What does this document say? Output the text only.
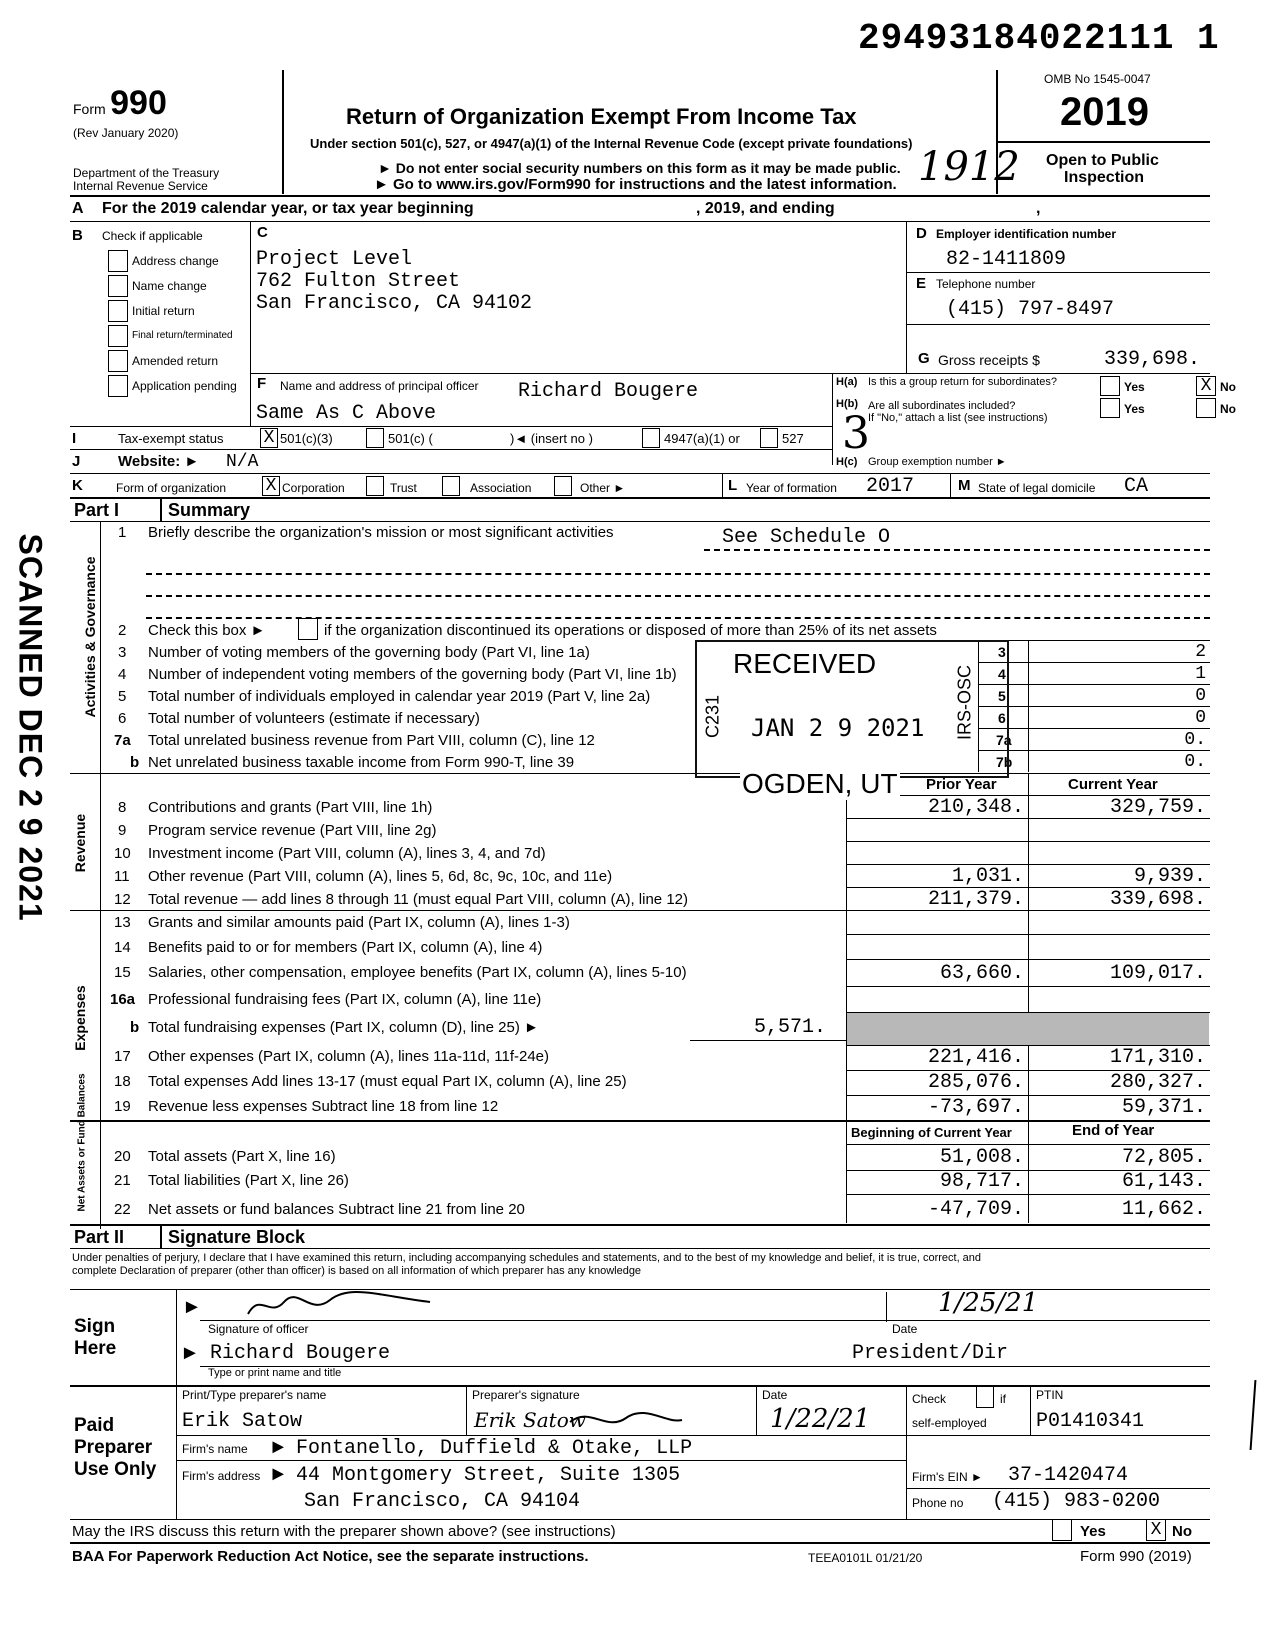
29493184022111 1
Form 990
(Rev January 2020)
Department of the Treasury
Internal Revenue Service
Return of Organization Exempt From Income Tax
Under section 501(c), 527, or 4947(a)(1) of the Internal Revenue Code (except private foundations)
► Do not enter social security numbers on this form as it may be made public.
► Go to www.irs.gov/Form990 for instructions and the latest information. 1912
OMB No 1545-0047
2019
Open to Public
Inspection
A For the 2019 calendar year, or tax year beginning	, 2019, and ending	,
B Check if applicable
Address change
Name change
Initial return
Final return/terminated
Amended return
Application pending
C
Project Level
762 Fulton Street
San Francisco, CA 94102
D Employer identification number
82-1411809
E Telephone number
(415) 797-8497
G Gross receipts $	339,698.
F Name and address of principal officer Richard Bougere
Same As C Above
H(a) Is this a group return for subordinates?	Yes	X No
H(b) Are all subordinates included?
If "No," attach a list (see instructions)
Yes	No
3
I	Tax-exempt status X 501(c)(3)	501(c) (	)◄ (insert no )	4947(a)(1) or	527
J	Website: ► N/A	H(c) Group exemption number ►
K	Form of organization X Corporation	Trust	Association	Other ►	L Year of formation 2017	M State of legal domicile CA
Part I	Summary
Activities & Governance
1 Briefly describe the organization's mission or most significant activities	See Schedule O
2 Check this box ►	if the organization discontinued its operations or disposed of more than 25% of its net assets
3 Number of voting members of the governing body (Part VI, line 1a)	3	2
4 Number of independent voting members of the governing body (Part VI, line 1b)	4	1
5 Total number of individuals employed in calendar year 2019 (Part V, line 2a)	5	0
6 Total number of volunteers (estimate if necessary)	6	0
7a Total unrelated business revenue from Part VIII, column (C), line 12	7a	0.
b Net unrelated business taxable income from Form 990-T, line 39	7b	0.
Prior Year	Current Year
Revenue
8 Contributions and grants (Part VIII, line 1h)	210,348.	329,759.
9 Program service revenue (Part VIII, line 2g)
10 Investment income (Part VIII, column (A), lines 3, 4, and 7d)
11 Other revenue (Part VIII, column (A), lines 5, 6d, 8c, 9c, 10c, and 11e)	1,031.	9,939.
12 Total revenue — add lines 8 through 11 (must equal Part VIII, column (A), line 12)	211,379.	339,698.
Expenses
13 Grants and similar amounts paid (Part IX, column (A), lines 1-3)
14 Benefits paid to or for members (Part IX, column (A), line 4)
15 Salaries, other compensation, employee benefits (Part IX, column (A), lines 5-10)	63,660.	109,017.
16a Professional fundraising fees (Part IX, column (A), line 11e)
b Total fundraising expenses (Part IX, column (D), line 25) ►	5,571.
17 Other expenses (Part IX, column (A), lines 11a-11d, 11f-24e)	221,416.	171,310.
18 Total expenses Add lines 13-17 (must equal Part IX, column (A), line 25)	285,076.	280,327.
19 Revenue less expenses Subtract line 18 from line 12	-73,697.	59,371.
Beginning of Current Year	End of Year
Net Assets or Fund Balances 20 Total assets (Part X, line 16)	51,008.	72,805.
21 Total liabilities (Part X, line 26)	98,717.	61,143.
22 Net assets or fund balances Subtract line 21 from line 20	-47,709.	11,662.
RECEIVED
JAN 2 9 2021
C231	IRS-OSC
OGDEN, UT
SCANNED DEC 2 9 2021
Part II Signature Block
Under penalties of perjury, I declare that I have examined this return, including accompanying schedules and statements, and to the best of my knowledge and belief, it is true, correct, and
complete Declaration of preparer (other than officer) is based on all information of which preparer has any knowledge
Sign
Here
►
Signature of officer
1/25/21
Date
► Richard Bougere	President/Dir
Type or print name and title
Paid
Preparer
Use Only
Print/Type preparer's name
Erik Satow
Preparer's signature
Erik Satow
Date
1/22/21
Check	if
self-employed
PTIN
P01410341
Firm's name ► Fontanello, Duffield & Otake, LLP
Firm's address ► 44 Montgomery Street, Suite 1305
San Francisco, CA 94104
Firm's EIN ► 37-1420474
Phone no (415) 983-0200
May the IRS discuss this return with the preparer shown above? (see instructions)	Yes X No
BAA For Paperwork Reduction Act Notice, see the separate instructions.	TEEA0101L 01/21/20	Form 990 (2019)
